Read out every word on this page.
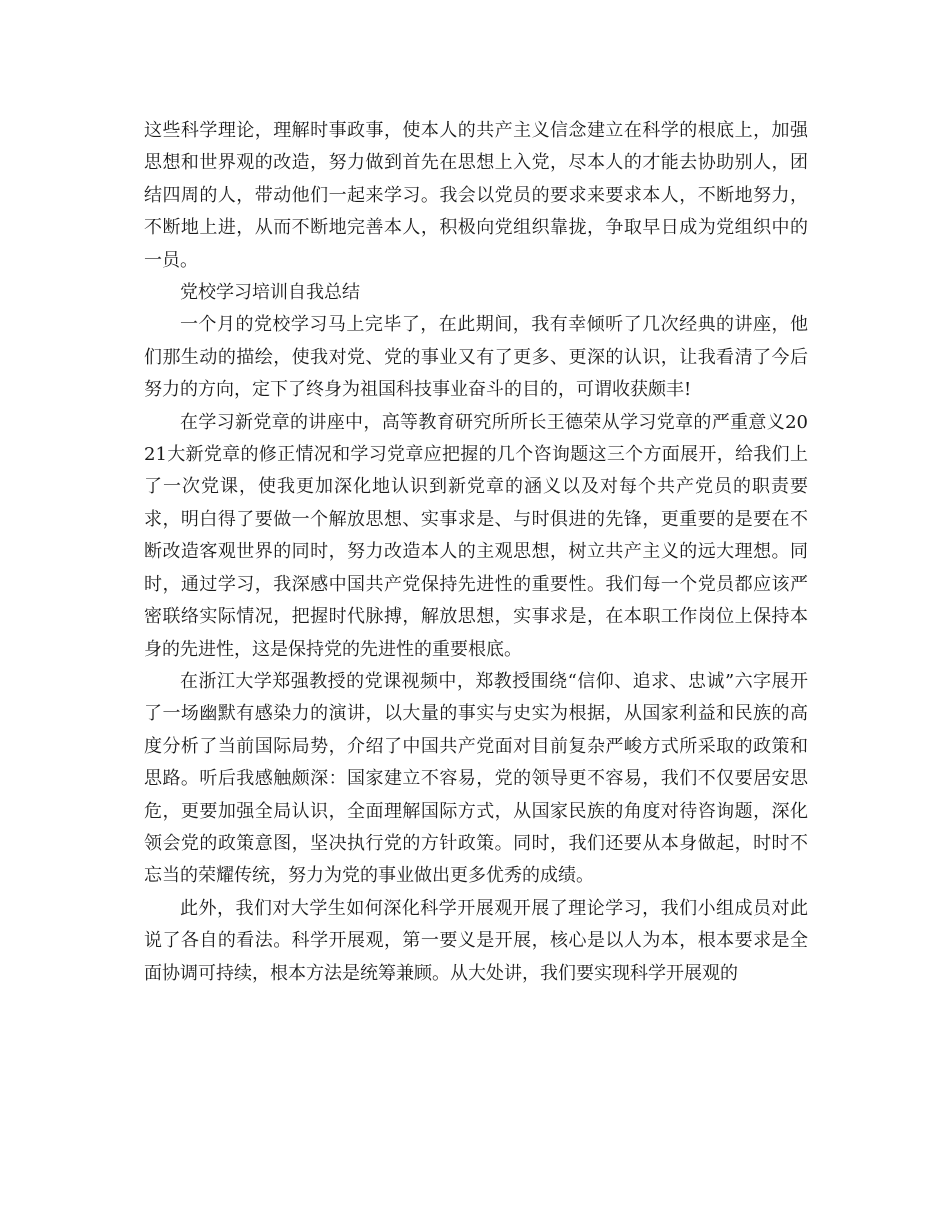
这些科学理论，理解时事政事，使本人的共产主义信念建立在科学的根底上，加强思想和世界观的改造，努力做到首先在思想上入党，尽本人的才能去协助别人，团结四周的人，带动他们一起来学习。我会以党员的要求来要求本人，不断地努力，不断地上进，从而不断地完善本人，积极向党组织靠拢，争取早日成为党组织中的一员。

党校学习培训自我总结

一个月的党校学习马上完毕了，在此期间，我有幸倾听了几次经典的讲座，他们那生动的描绘，使我对党、党的事业又有了更多、更深的认识，让我看清了今后努力的方向，定下了终身为祖国科技事业奋斗的目的，可谓收获颇丰!

在学习新党章的讲座中，高等教育研究所所长王德荣从学习党章的严重意义2021大新党章的修正情况和学习党章应把握的几个咨询题这三个方面展开，给我们上了一次党课，使我更加深化地认识到新党章的涵义以及对每个共产党员的职责要求，明白得了要做一个解放思想、实事求是、与时俱进的先锋，更重要的是要在不断改造客观世界的同时，努力改造本人的主观思想，树立共产主义的远大理想。同时，通过学习，我深感中国共产党保持先进性的重要性。我们每一个党员都应该严密联络实际情况，把握时代脉搏，解放思想，实事求是，在本职工作岗位上保持本身的先进性，这是保持党的先进性的重要根底。

在浙江大学郑强教授的党课视频中，郑教授围绕“信仰、追求、忠诚”六字展开了一场幽默有感染力的演讲，以大量的事实与史实为根据，从国家利益和民族的高度分析了当前国际局势，介绍了中国共产党面对目前复杂严峻方式所采取的政策和思路。听后我感触颇深：国家建立不容易，党的领导更不容易，我们不仅要居安思危，更要加强全局认识，全面理解国际方式，从国家民族的角度对待咨询题，深化领会党的政策意图，坚决执行党的方针政策。同时，我们还要从本身做起，时时不忘当的荣耀传统，努力为党的事业做出更多优秀的成绩。

此外，我们对大学生如何深化科学开展观开展了理论学习，我们小组成员对此说了各自的看法。科学开展观，第一要义是开展，核心是以人为本，根本要求是全面协调可持续，根本方法是统筹兼顾。从大处讲，我们要实现科学开展观的
